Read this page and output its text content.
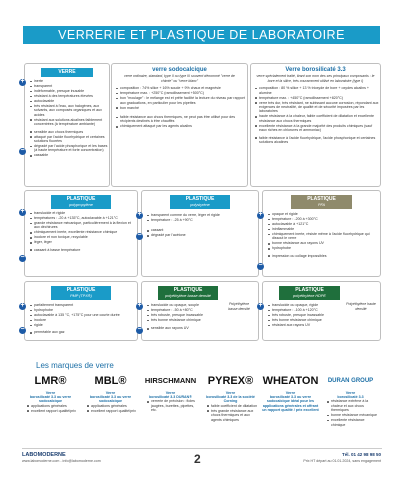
VERRERIE ET PLASTIQUE DE LABORATOIRE
VERRE
inerte
transparent
indéformable, presque inusable
résistant à des températures élevées
autoclavable
très résistant à l'eau, aux halogènes, aux solvants, aux composés organiques et aux acides
résistant aux solutions alcalines faiblement concentrées (à température ambiante)
sensible aux chocs thermiques
attaqué par l'acide fluorhydrique et certaines solutions fluorées
dégradé par l'acide phosphorique et les bases (à haute température et forte concentration)
cassable
+
−
verre sodocalcique
verre ordinaire, standard, type II ou type III souvent dénommé "verre de chimie" ou "verre blanc"
composition : 74% silice + 16% soude + 9% chaux et magnésie
température max. : +250°C (ramollissement +500°C)
bon "moulage" : le mélange est et prête facilité la lecture du niveau par rapport aux graduations, en particulier pour les pipettes
bon marché
faible résistance aux chocs thermiques, ne peut pas être utilisé pour des récipients destinés à être chauffés
chimiquement attaqué par les agents alcalins
Verre borosilicaté 3.3
verre spécialement traité, tirant son nom des ses principaux composants : le bore et la silice, très couramment utilisé en laboratoire (type I)
composition : 80 % silice + 13 % trioxyde de bore + oxydes alcalins + alumine
température max. : +450°C (ramollissement +820°C)
verre très dur, très résistant, ne subissant aucune corrosion, répondant aux exigences de neutralité, de qualité et de sécurité imposées par les laboratoires
haute résistance à la chaleur, faible coefficient de dilatation et excellente résistance aux chocs thermiques
excellente résistance à la grande majorité des produits chimiques (sauf eaux riches en chlorures et ammoniac)
faible résistance à l'acide fluorhydrique, l'acide phosphorique et certaines solutions alcalines
PLASTIQUE
polypropylène
translucide et rigide
températures : -20 à +135°C, autoclavable à +121°C
grande résistance mécanique, particulièrement à la flexion et aux déchirures
chimiquement inerte, excellente résistance chimique
inodore et non toxique, recyclable
léger, léger
cassant à basse température
+
−
PLASTIQUE
polystyrène
transparent comme du verre, léger et rigide
température : -25 à +90°C
cassant
dégradé par l'acétone
+
−
PLASTIQUE
PFA
opaque et rigide
température : -200 à +300°C
autoclavable à +121°C
ininflammable
chimiquement inerte, résiste même à l'acide fluorhydrique qui dissout le verre
bonne résistance aux rayons UV
hydrophobe
impression ou collage impossibles
+
−
PLASTIQUE
PMP (TPX®)
parfaitement transparent
hydrophobe
autoclavable à 135 °C, +175°C pour une courte durée
inodore
rigide
perméable aux gaz
+
−
PLASTIQUE
polyéthylène basse densité
Polyéthylène basse densité
translucide ou opaque, souple
température : -50 à +80°C
très robuste, presque incassable
très bonne résistance chimique
sensible aux rayons UV
+
−
PLASTIQUE
polyéthylène HDPE
Polyéthylène haute densité
translucide ou opaque, rigide
température : -100 à +120°C
très robuste, presque incassable
très bonne résistance chimique
résistant aux rayons UV
+
Les marques de verre
LMR®
Verre
borosilicaté 3.3 ou verre sodocalcique
applications générales
excellent rapport qualité/prix
MBL®
Verre
borosilicaté 3.3 ou verre sodocalcique
applications générales
excellent rapport qualité/prix
HIRSCHMANN
Verre
borosilicaté 3.3 DURAN®
verrerie de précision : fioles jaugées, burettes, pipettes, etc.
PYREX®
Verre
borosilicaté 3.3 de la société Corning
faible coefficient de dilatation
très grande résistance aux chocs thermiques et aux agents chimiques
WHEATON
Verre
borosilicaté 3.3 ou verre sodocalcique idéal pour les applications générales et offrant un rapport qualité / prix excellent
DURAN GROUP
Verre
borosilicaté 3.3
résistance extrême à la chaleur et aux chocs thermiques
bonne résistance mécanique
excellente résistance chimique
LABOMODERNE
www.labomoderne.com - info@labomoderne.com	2	Tél. 01 42 98 98 50
Prix HT départ au 01.01.2024, sans engagement
